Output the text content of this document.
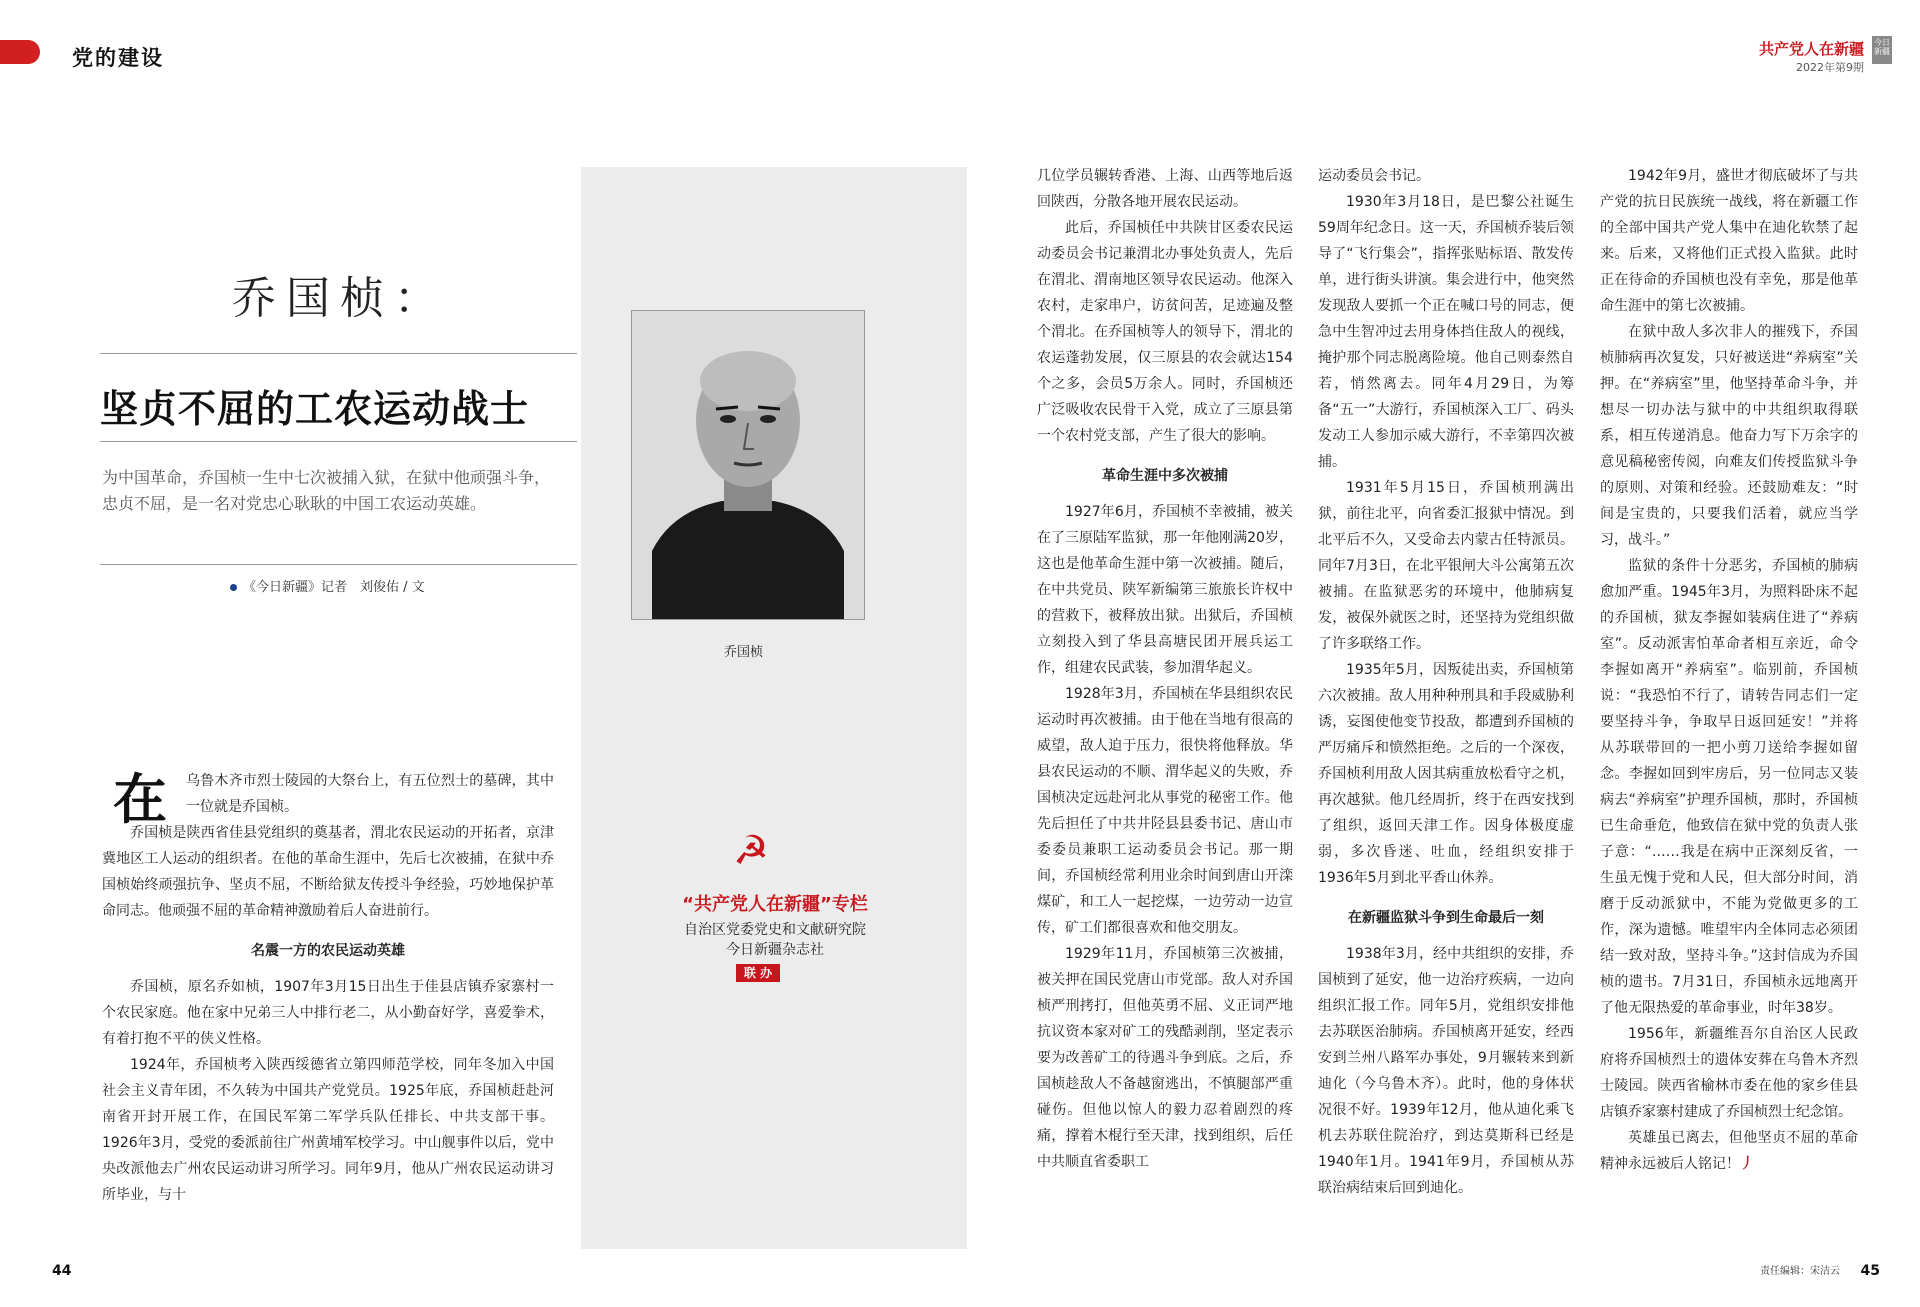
党的建设	共产党人在新疆
2022年第9期
今日新疆
乔国桢：
坚贞不屈的工农运动战士
为中国革命，乔国桢一生中七次被捕入狱，在狱中他顽强斗争，忠贞不屈，是一名对党忠心耿耿的中国工农运动英雄。
《今日新疆》记者　刘俊佑 / 文
乔国桢
☭
“共产党人在新疆”专栏
自治区党委党史和文献研究院
今日新疆杂志社
联 办
在	乌鲁木齐市烈士陵园的大祭台上，有五位烈士的墓碑，其中一位就是乔国桢。

乔国桢是陕西省佳县党组织的奠基者，渭北农民运动的开拓者，京津冀地区工人运动的组织者。在他的革命生涯中，先后七次被捕，在狱中乔国桢始终顽强抗争、坚贞不屈，不断给狱友传授斗争经验，巧妙地保护革命同志。他顽强不屈的革命精神激励着后人奋进前行。

名震一方的农民运动英雄

乔国桢，原名乔如桢，1907年3月15日出生于佳县店镇乔家寨村一个农民家庭。他在家中兄弟三人中排行老二，从小勤奋好学，喜爱拳术，有着打抱不平的侠义性格。

1924年，乔国桢考入陕西绥德省立第四师范学校，同年冬加入中国社会主义青年团，不久转为中国共产党党员。1925年底，乔国桢赶赴河南省开封开展工作，在国民军第二军学兵队任排长、中共支部干事。1926年3月，受党的委派前往广州黄埔军校学习。中山舰事件以后，党中央改派他去广州农民运动讲习所学习。同年9月，他从广州农民运动讲习所毕业，与十

几位学员辗转香港、上海、山西等地后返回陕西，分散各地开展农民运动。

此后，乔国桢任中共陕甘区委农民运动委员会书记兼渭北办事处负责人，先后在渭北、渭南地区领导农民运动。他深入农村，走家串户，访贫问苦，足迹遍及整个渭北。在乔国桢等人的领导下，渭北的农运蓬勃发展，仅三原县的农会就达154个之多，会员5万余人。同时，乔国桢还广泛吸收农民骨干入党，成立了三原县第一个农村党支部，产生了很大的影响。

革命生涯中多次被捕

1927年6月，乔国桢不幸被捕，被关在了三原陆军监狱，那一年他刚满20岁，这也是他革命生涯中第一次被捕。随后，在中共党员、陕军新编第三旅旅长许权中的营救下，被释放出狱。出狱后，乔国桢立刻投入到了华县高塘民团开展兵运工作，组建农民武装，参加渭华起义。

1928年3月，乔国桢在华县组织农民运动时再次被捕。由于他在当地有很高的威望，敌人迫于压力，很快将他释放。华县农民运动的不顺、渭华起义的失败，乔国桢决定远赴河北从事党的秘密工作。他先后担任了中共井陉县县委书记、唐山市委委员兼职工运动委员会书记。那一期间，乔国桢经常利用业余时间到唐山开滦煤矿，和工人一起挖煤，一边劳动一边宣传，矿工们都很喜欢和他交朋友。

1929年11月，乔国桢第三次被捕，被关押在国民党唐山市党部。敌人对乔国桢严刑拷打，但他英勇不屈、义正词严地抗议资本家对矿工的残酷剥削，坚定表示要为改善矿工的待遇斗争到底。之后，乔国桢趁敌人不备越窗逃出，不慎腿部严重碰伤。但他以惊人的毅力忍着剧烈的疼痛，撑着木棍行至天津，找到组织，后任中共顺直省委职工

运动委员会书记。

1930年3月18日，是巴黎公社诞生59周年纪念日。这一天，乔国桢乔装后领导了“飞行集会”，指挥张贴标语、散发传单，进行街头讲演。集会进行中，他突然发现敌人要抓一个正在喊口号的同志，便急中生智冲过去用身体挡住敌人的视线，掩护那个同志脱离险境。他自己则泰然自若，悄然离去。同年4月29日，为筹备“五一”大游行，乔国桢深入工厂、码头发动工人参加示威大游行，不幸第四次被捕。

1931年5月15日，乔国桢刑满出狱，前往北平，向省委汇报狱中情况。到北平后不久，又受命去内蒙古任特派员。同年7月3日，在北平银闸大斗公寓第五次被捕。在监狱恶劣的环境中，他肺病复发，被保外就医之时，还坚持为党组织做了许多联络工作。

1935年5月，因叛徒出卖，乔国桢第六次被捕。敌人用种种刑具和手段威胁利诱，妄图使他变节投敌，都遭到乔国桢的严厉痛斥和愤然拒绝。之后的一个深夜，乔国桢利用敌人因其病重放松看守之机，再次越狱。他几经周折，终于在西安找到了组织，返回天津工作。因身体极度虚弱，多次昏迷、吐血，经组织安排于1936年5月到北平香山休养。

在新疆监狱斗争到生命最后一刻

1938年3月，经中共组织的安排，乔国桢到了延安，他一边治疗疾病，一边向组织汇报工作。同年5月，党组织安排他去苏联医治肺病。乔国桢离开延安，经西安到兰州八路军办事处，9月辗转来到新迪化（今乌鲁木齐）。此时，他的身体状况很不好。1939年12月，他从迪化乘飞机去苏联住院治疗，到达莫斯科已经是1940年1月。1941年9月，乔国桢从苏联治病结束后回到迪化。

1942年9月，盛世才彻底破坏了与共产党的抗日民族统一战线，将在新疆工作的全部中国共产党人集中在迪化软禁了起来。后来，又将他们正式投入监狱。此时正在待命的乔国桢也没有幸免，那是他革命生涯中的第七次被捕。

在狱中敌人多次非人的摧残下，乔国桢肺病再次复发，只好被送进“养病室”关押。在“养病室”里，他坚持革命斗争，并想尽一切办法与狱中的中共组织取得联系，相互传递消息。他奋力写下万余字的意见稿秘密传阅，向难友们传授监狱斗争的原则、对策和经验。还鼓励难友：“时间是宝贵的，只要我们活着，就应当学习，战斗。”

监狱的条件十分恶劣，乔国桢的肺病愈加严重。1945年3月，为照料卧床不起的乔国桢，狱友李握如装病住进了“养病室”。反动派害怕革命者相互亲近，命令李握如离开“养病室”。临别前，乔国桢说：“我恐怕不行了，请转告同志们一定要坚持斗争，争取早日返回延安！”并将从苏联带回的一把小剪刀送给李握如留念。李握如回到牢房后，另一位同志又装病去“养病室”护理乔国桢，那时，乔国桢已生命垂危，他致信在狱中党的负责人张子意：“……我是在病中正深刻反省，一生虽无愧于党和人民，但大部分时间，消磨于反动派狱中，不能为党做更多的工作，深为遗憾。唯望牢内全体同志必须团结一致对敌，坚持斗争。”这封信成为乔国桢的遗书。7月31日，乔国桢永远地离开了他无限热爱的革命事业，时年38岁。

1956年，新疆维吾尔自治区人民政府将乔国桢烈士的遗体安葬在乌鲁木齐烈士陵园。陕西省榆林市委在他的家乡佳县店镇乔家寨村建成了乔国桢烈士纪念馆。

英雄虽已离去，但他坚贞不屈的革命精神永远被后人铭记！丿

44	45
责任编辑：宋洁云
